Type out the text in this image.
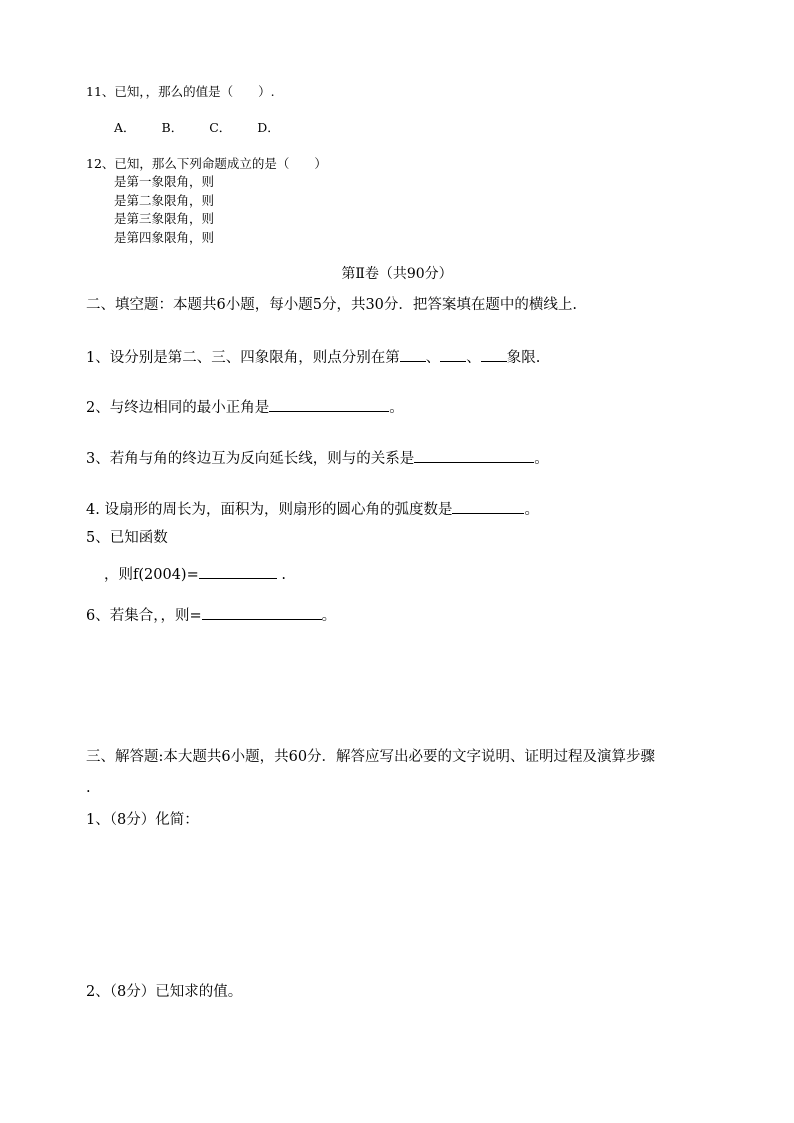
11、已知，，那么的值是（　　）.
A． B． C． D．
12、已知，那么下列命题成立的是（　　）
是第一象限角，则
是第二象限角，则
是第三象限角，则
是第四象限角，则
第Ⅱ卷（共90分）
二、填空题：本题共6小题，每小题5分，共30分．把答案填在题中的横线上.
1、设分别是第二、三、四象限角，则点分别在第 、 、 象限.
2、与终边相同的最小正角是	。
3、若角与角的终边互为反向延长线，则与的关系是	。
4. 设扇形的周长为，面积为，则扇形的圆心角的弧度数是	。
5、已知函数
，则f(2004)=	.
6、若集合，，则=	。
三、解答题:本大题共6小题，共60分．解答应写出必要的文字说明、证明过程及演算步骤
.
1、（8分）化简：
2、（8分）已知求的值。
